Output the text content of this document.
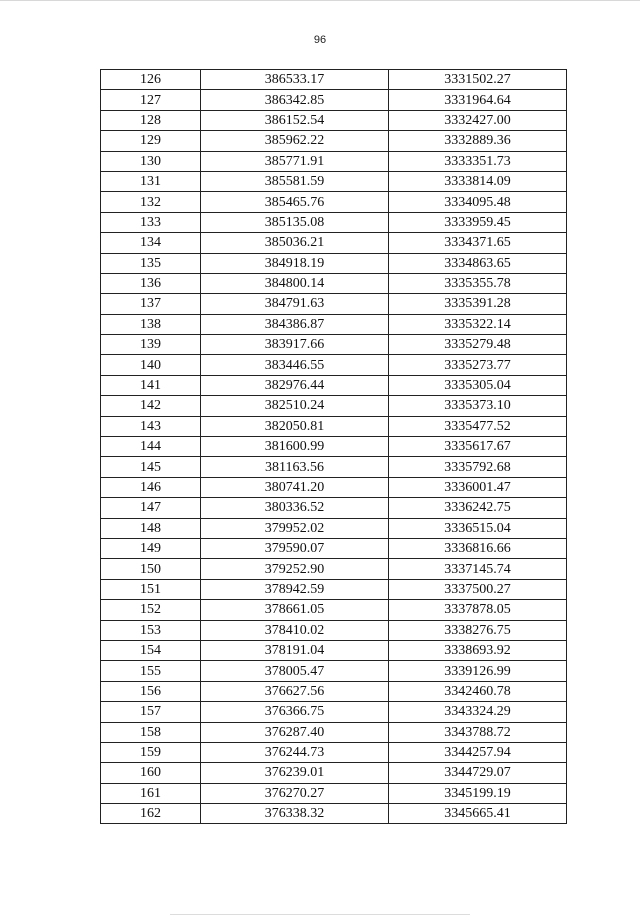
96
126	386533.17	3331502.27
127	386342.85	3331964.64
128	386152.54	3332427.00
129	385962.22	3332889.36
130	385771.91	3333351.73
131	385581.59	3333814.09
132	385465.76	3334095.48
133	385135.08	3333959.45
134	385036.21	3334371.65
135	384918.19	3334863.65
136	384800.14	3335355.78
137	384791.63	3335391.28
138	384386.87	3335322.14
139	383917.66	3335279.48
140	383446.55	3335273.77
141	382976.44	3335305.04
142	382510.24	3335373.10
143	382050.81	3335477.52
144	381600.99	3335617.67
145	381163.56	3335792.68
146	380741.20	3336001.47
147	380336.52	3336242.75
148	379952.02	3336515.04
149	379590.07	3336816.66
150	379252.90	3337145.74
151	378942.59	3337500.27
152	378661.05	3337878.05
153	378410.02	3338276.75
154	378191.04	3338693.92
155	378005.47	3339126.99
156	376627.56	3342460.78
157	376366.75	3343324.29
158	376287.40	3343788.72
159	376244.73	3344257.94
160	376239.01	3344729.07
161	376270.27	3345199.19
162	376338.32	3345665.41
